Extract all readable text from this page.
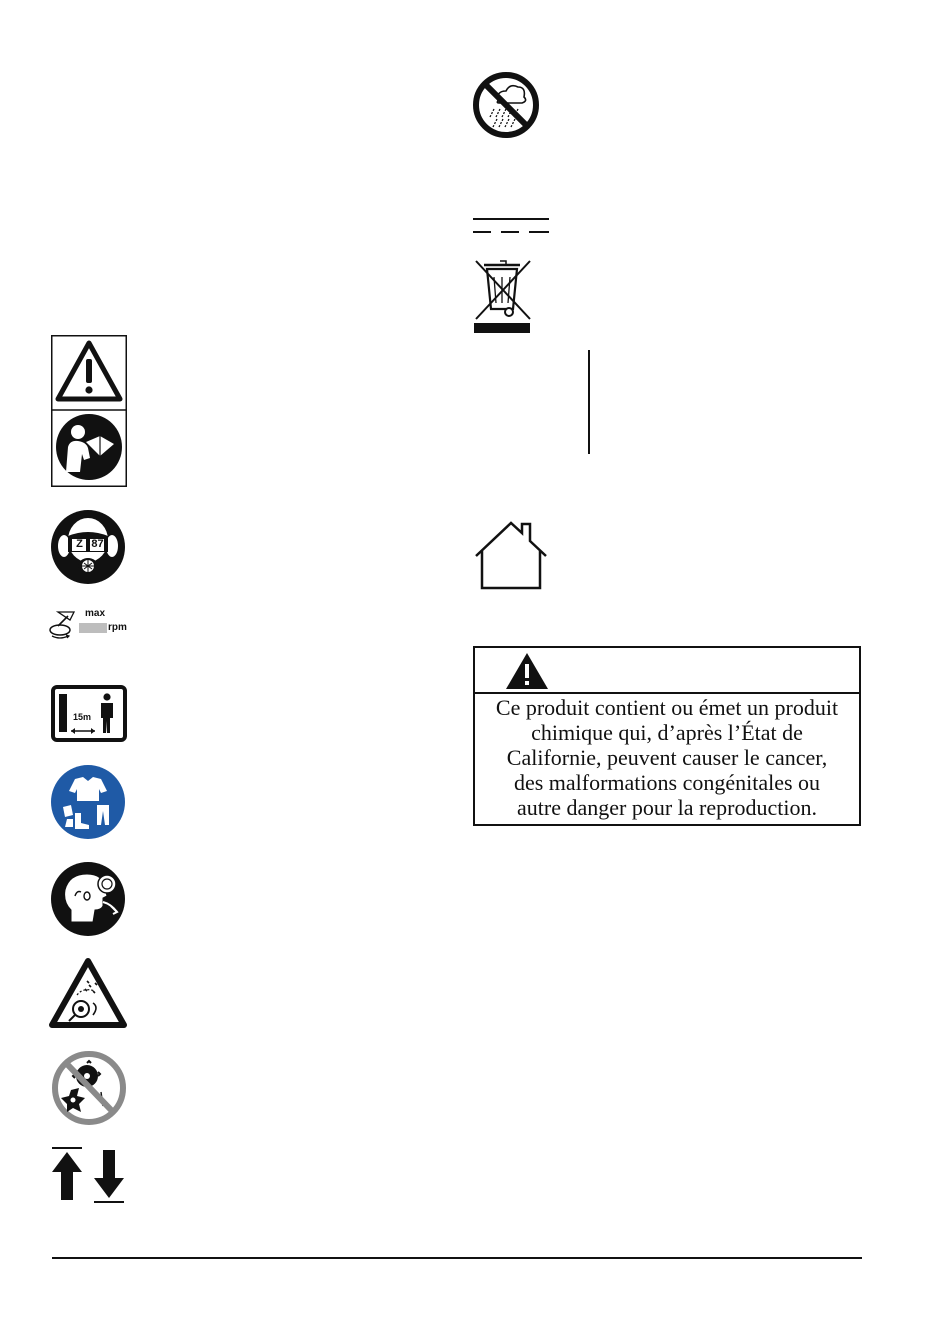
Z 87
max
rpm
15m	Ce produit contient ou émet un produit
chimique qui, d’après l’État de
Californie, peuvent causer le cancer,
des malformations congénitales ou
autre danger pour la reproduction.
